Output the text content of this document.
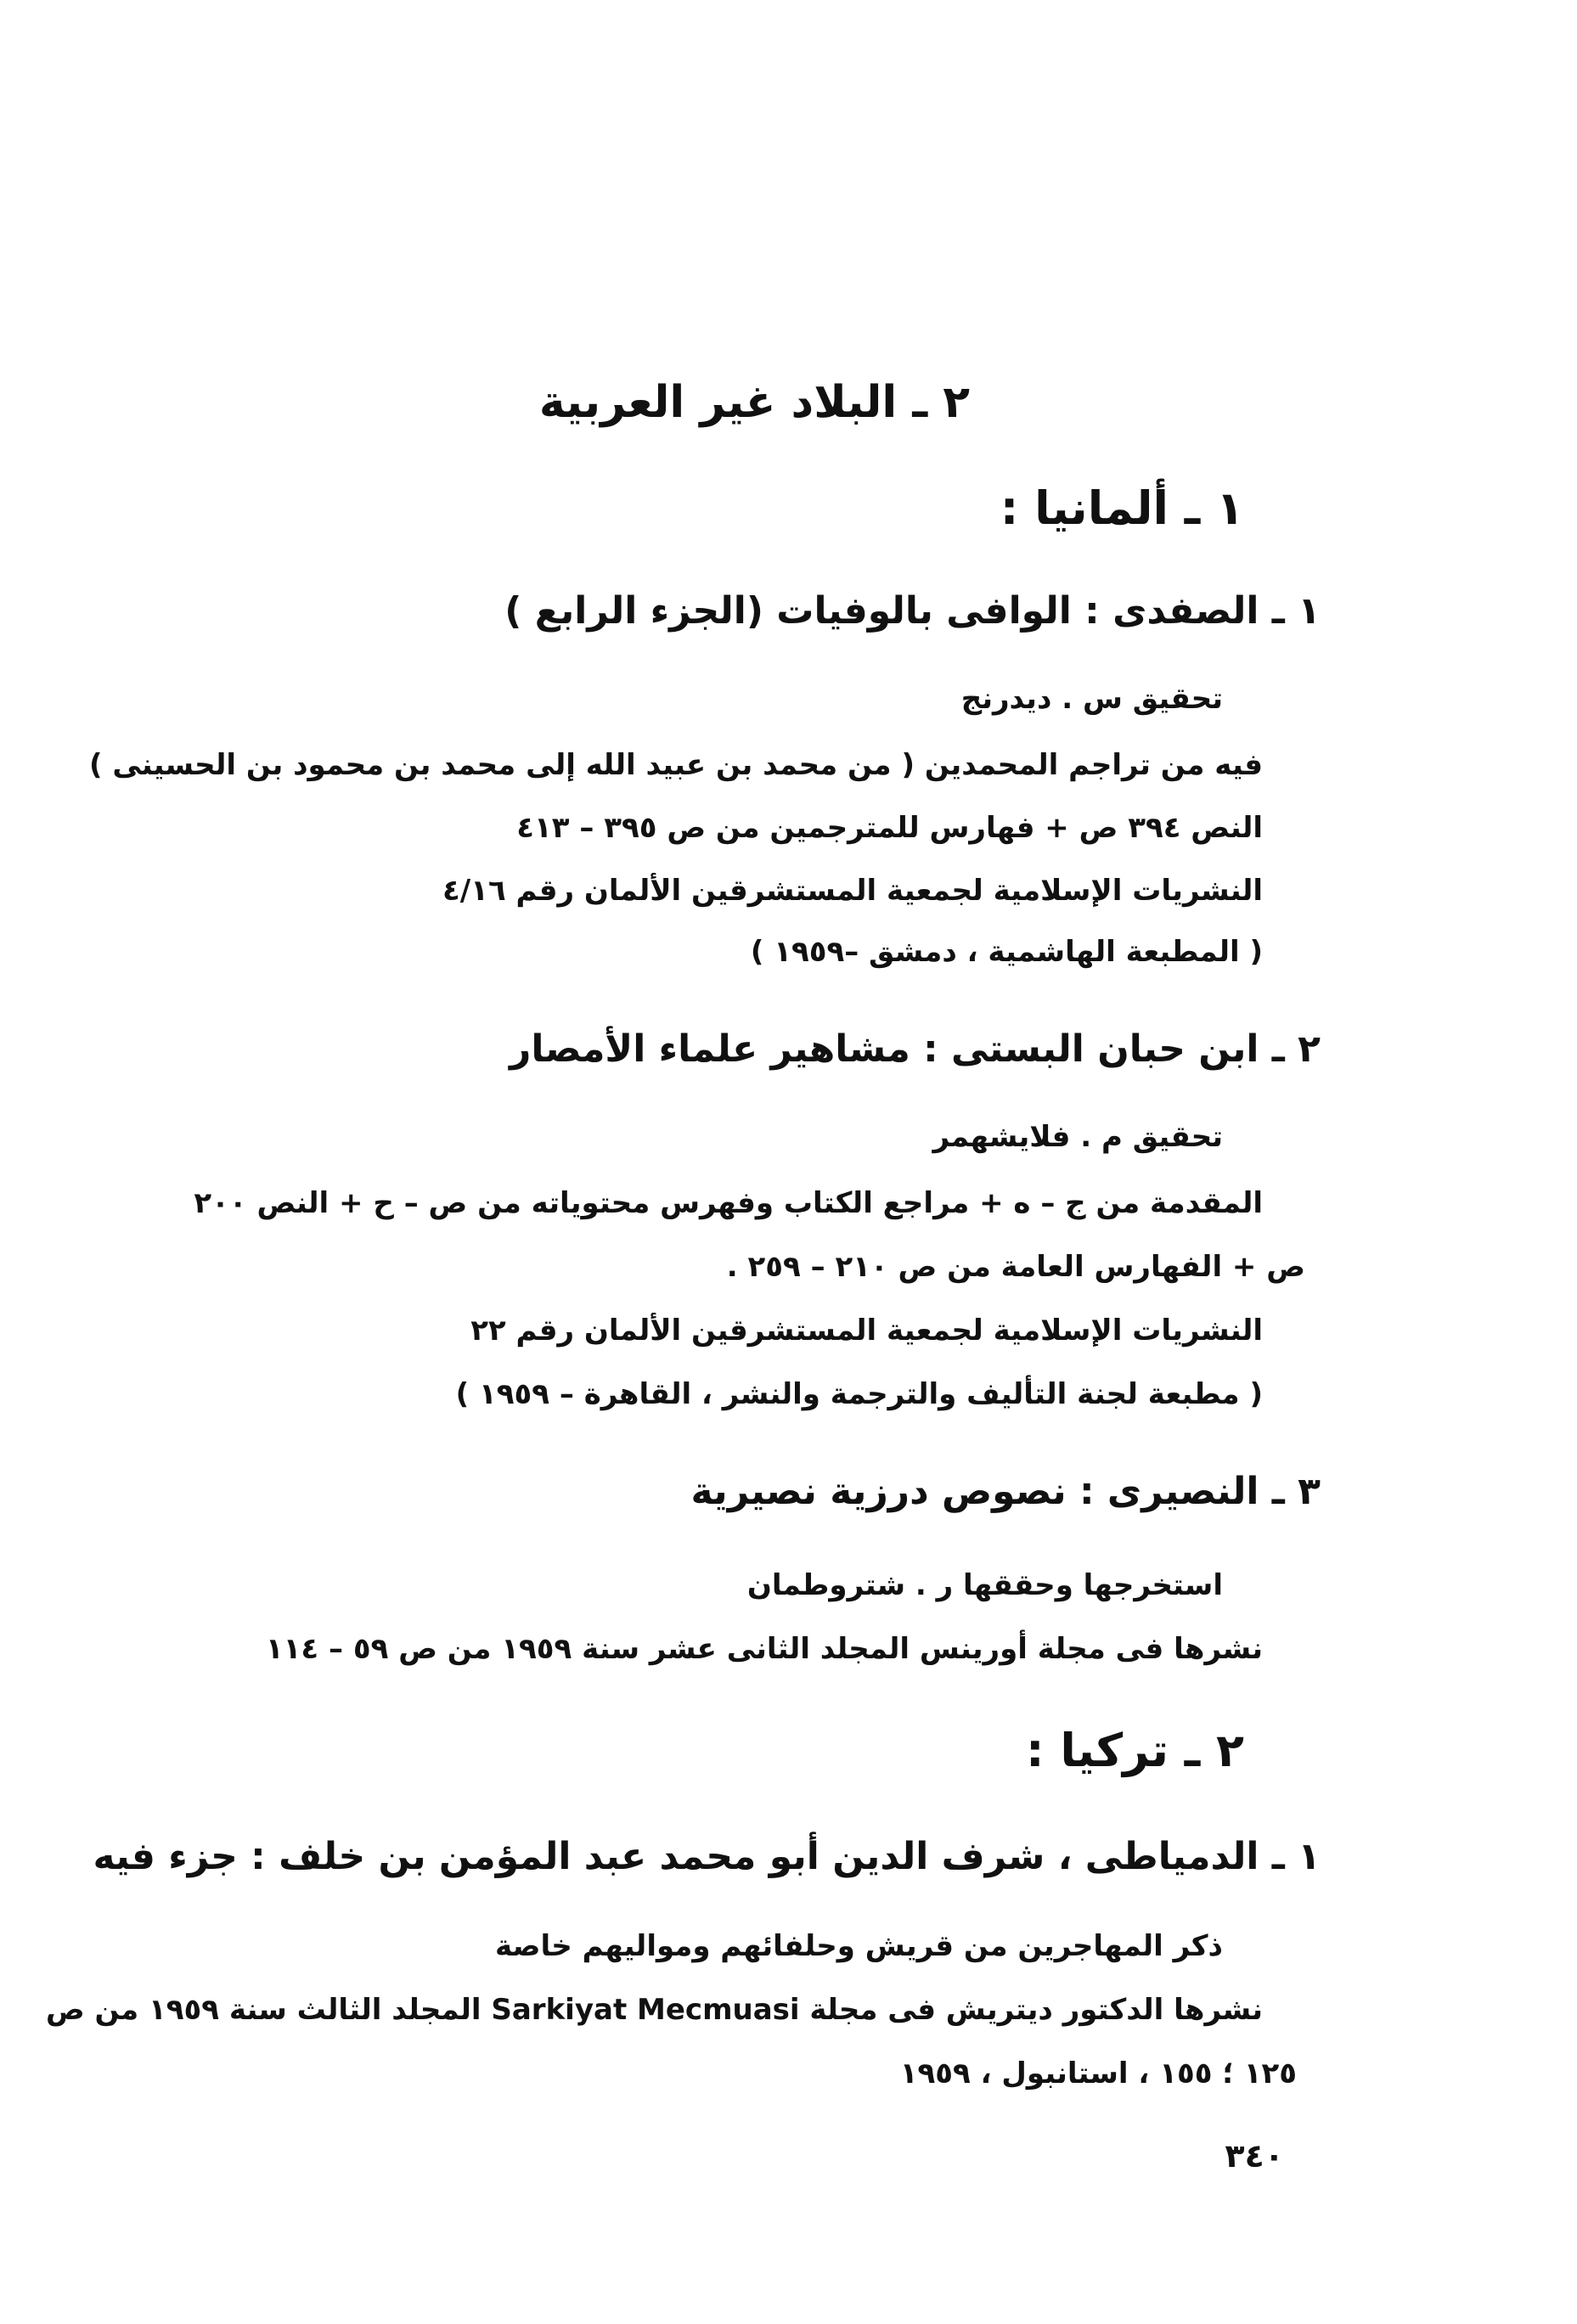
٢ ـ البلاد غير العربية
١ ـ ألمانيا :
١ ـ الصفدى : الوافى بالوفيات (الجزء الرابع )
تحقيق س . ديدرنج
فيه من تراجم المحمدين ( من محمد بن عبيد الله إلى محمد بن محمود بن الحسينى )
النص ٣٩٤ ص + فهارس للمترجمين من ص ٣٩٥ – ٤١٣
النشريات الإسلامية لجمعية المستشرقين الألمان رقم ٤/١٦
( المطبعة الهاشمية ، دمشق –١٩٥٩ )
٢ ـ ابن حبان البستى : مشاهير علماء الأمصار
تحقيق م . فلايشهمر
المقدمة من ج – ه + مراجع الكتاب وفهرس محتوياته من ص – ح + النص ٢٠٠
ص + الفهارس العامة من ص ٢١٠ – ٢٥٩ .
النشريات الإسلامية لجمعية المستشرقين الألمان رقم ٢٢
( مطبعة لجنة التأليف والترجمة والنشر ، القاهرة – ١٩٥٩ )
٣ ـ النصيرى : نصوص درزية نصيرية
استخرجها وحققها ر . شتروطمان
نشرها فى مجلة أورينس المجلد الثانى عشر سنة ١٩٥٩ من ص ٥٩ – ١١٤
٢ ـ تركيا :
١ ـ الدمياطى ، شرف الدين أبو محمد عبد المؤمن بن خلف : جزء فيه
ذكر المهاجرين من قريش وحلفائهم ومواليهم خاصة
نشرها الدكتور ديتريش فى مجلة Sarkiyat Mecmuasi المجلد الثالث سنة ١٩٥٩ من ص
١٢٥ ؛ ١٥٥ ، استانبول ، ١٩٥٩
٣٤٠
